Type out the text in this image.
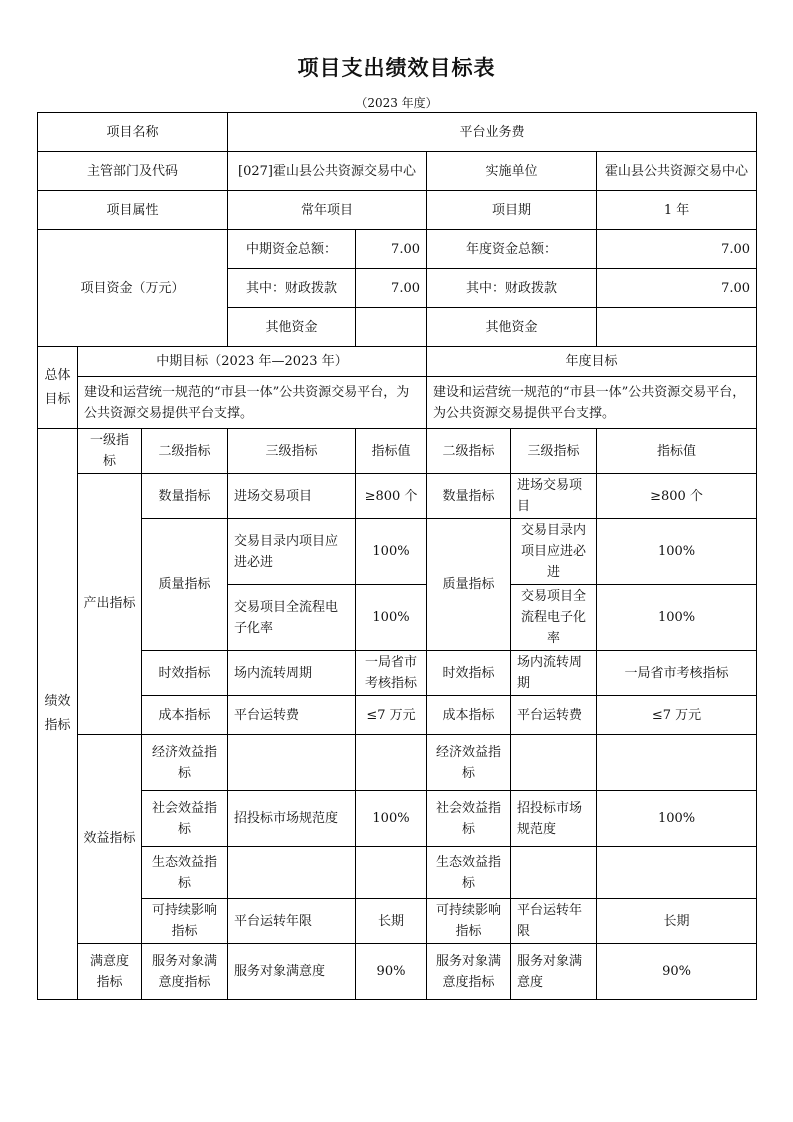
项目支出绩效目标表
（2023 年度）
项目名称			平台业务费				
主管部门及代码			[027]霍山县公共资源交易中心		实施单位		霍山县公共资源交易中心
项目属性			常年项目		项目期		1 年
项目资金（万元）			中期资金总额：	7.00	年度资金总额：		7.00
			其中：财政拨款	7.00	其中：财政拨款		7.00
			其他资金		其他资金		
总体目标	中期目标（2023 年—2023 年）				年度目标		
	建设和运营统一规范的“市县一体”公共资源交易平台，为公共资源交易提供平台支撑。				建设和运营统一规范的“市县一体”公共资源交易平台，为公共资源交易提供平台支撑。		
绩效指标	一级指标	二级指标	三级指标	指标值	二级指标	三级指标	指标值
	产出指标	数量指标	进场交易项目	≥800 个	数量指标	进场交易项目	≥800 个
		质量指标	交易目录内项目应进必进	100%	质量指标	交易目录内项目应进必进	100%
			交易项目全流程电子化率	100%		交易项目全流程电子化率	100%
		时效指标	场内流转周期	一局省市考核指标	时效指标	场内流转周期	一局省市考核指标
		成本指标	平台运转费	≤7 万元	成本指标	平台运转费	≤7 万元

	效益指标	经济效益指标			经济效益指标		
		社会效益指标	招投标市场规范度	100%	社会效益指标	招投标市场规范度	100%
		生态效益指标			生态效益指标		
		可持续影响指标	平台运转年限	长期	可持续影响指标	平台运转年限	长期
	满意度指标	服务对象满意度指标	服务对象满意度	90%	服务对象满意度指标	服务对象满意度	90%
